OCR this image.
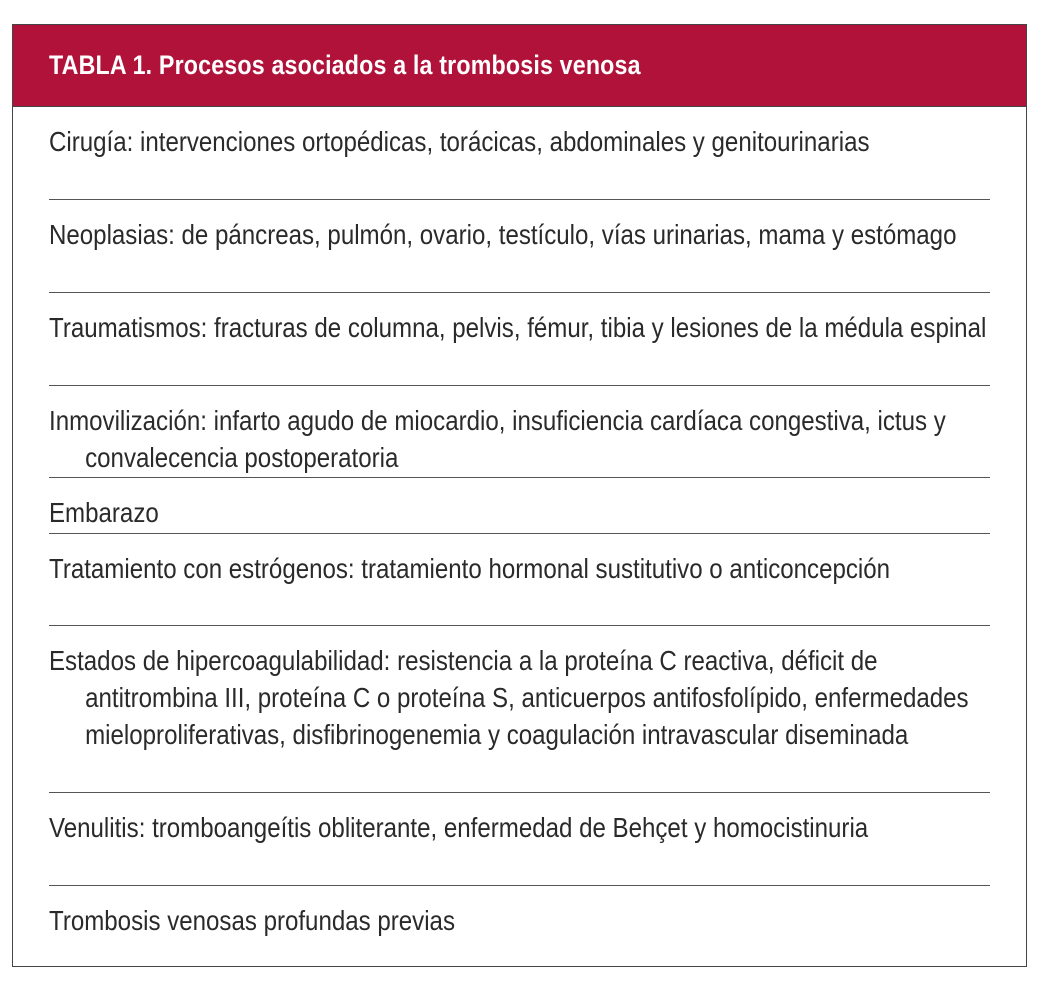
TABLA 1. Procesos asociados a la trombosis venosa
Cirugía: intervenciones ortopédicas, torácicas, abdominales y genitourinarias
Neoplasias: de páncreas, pulmón, ovario, testículo, vías urinarias, mama y estómago
Traumatismos: fracturas de columna, pelvis, fémur, tibia y lesiones de la médula espinal
Inmovilización: infarto agudo de miocardio, insuficiencia cardíaca congestiva, ictus y convalecencia postoperatoria
Embarazo
Tratamiento con estrógenos: tratamiento hormonal sustitutivo o anticoncepción
Estados de hipercoagulabilidad: resistencia a la proteína C reactiva, déficit de antitrombina III, proteína C o proteína S, anticuerpos antifosfolípido, enfermedades mieloproliferativas, disfibrinogenemia y coagulación intravascular diseminada
Venulitis: tromboangeítis obliterante, enfermedad de Behçet y homocistinuria
Trombosis venosas profundas previas
